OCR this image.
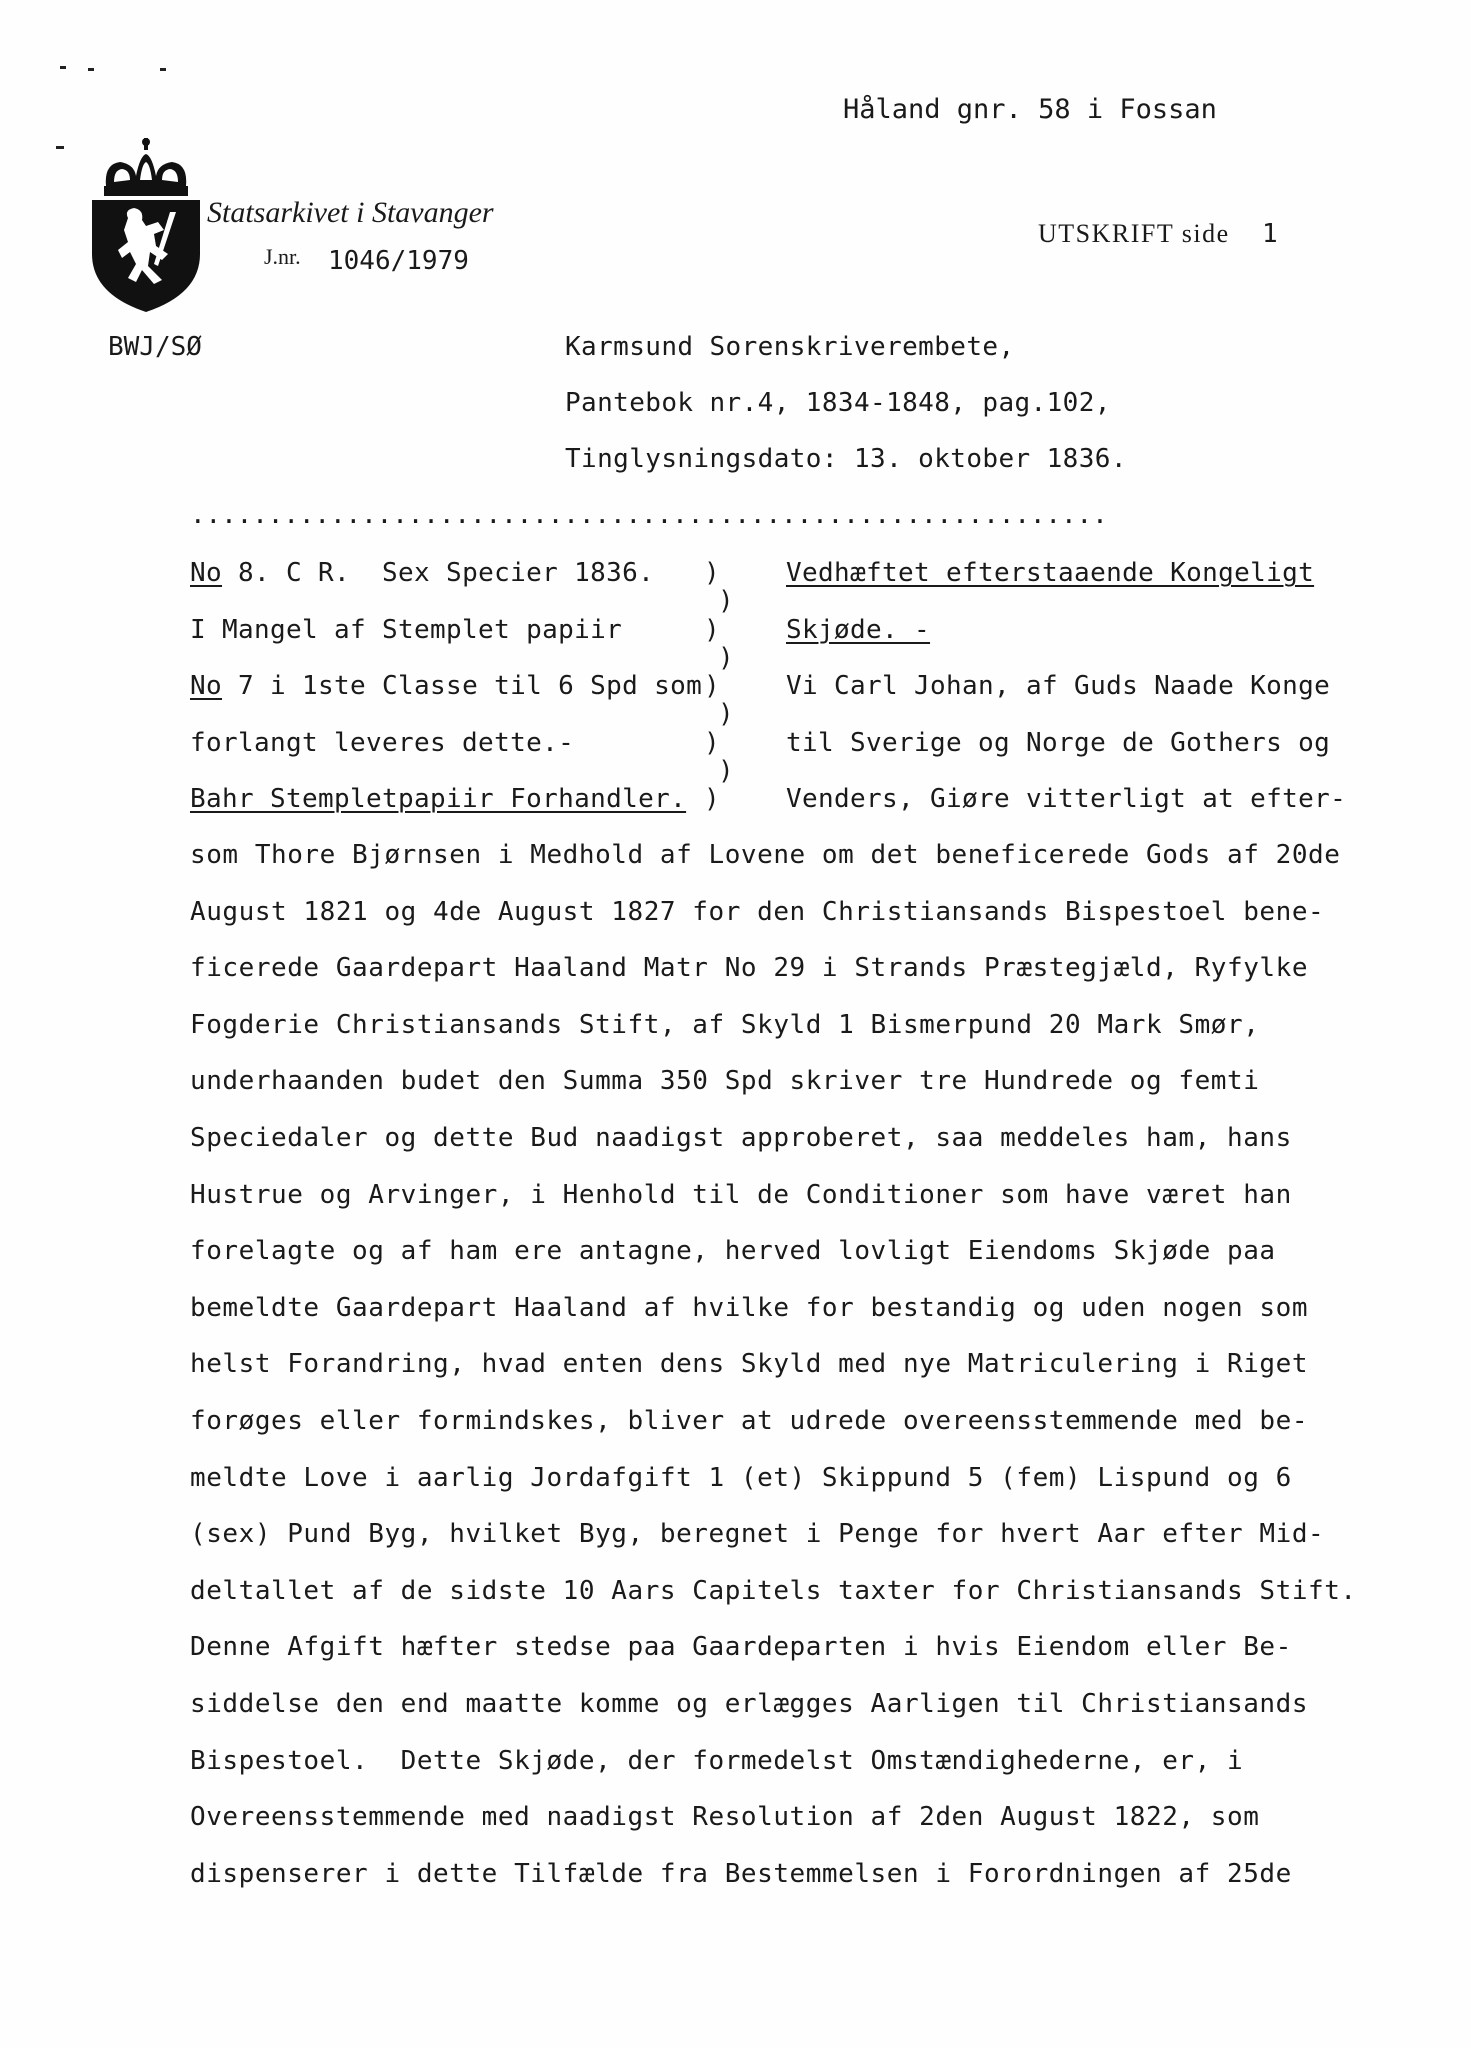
Håland gnr. 58 i Fossan
Statsarkivet i Stavanger
J.nr. 1046/1979
UTSKRIFT side 1
BWJ/SØ	Karmsund Sorenskriverembete,
Pantebok nr.4, 1834-1848, pag.102,
Tinglysningsdato: 13. oktober 1836.
...........................................................
No 8. C R.  Sex Specier 1836.
I Mangel af Stemplet papiir
No 7 i 1ste Classe til 6 Spd som
forlangt leveres dette.-
Bahr Stempletpapiir Forhandler.
)
)
)
)
)
)
)
)
)
Vedhæftet efterstaaende Kongeligt
Skjøde. -
Vi Carl Johan, af Guds Naade Konge
til Sverige og Norge de Gothers og
Venders, Giøre vitterligt at efter-
som Thore Bjørnsen i Medhold af Lovene om det beneficerede Gods af 20de
August 1821 og 4de August 1827 for den Christiansands Bispestoel bene-
ficerede Gaardepart Haaland Matr No 29 i Strands Præstegjæld, Ryfylke
Fogderie Christiansands Stift, af Skyld 1 Bismerpund 20 Mark Smør,
underhaanden budet den Summa 350 Spd skriver tre Hundrede og femti
Speciedaler og dette Bud naadigst approberet, saa meddeles ham, hans
Hustrue og Arvinger, i Henhold til de Conditioner som have været han
forelagte og af ham ere antagne, herved lovligt Eiendoms Skjøde paa
bemeldte Gaardepart Haaland af hvilke for bestandig og uden nogen som
helst Forandring, hvad enten dens Skyld med nye Matriculering i Riget
forøges eller formindskes, bliver at udrede overeensstemmende med be-
meldte Love i aarlig Jordafgift 1 (et) Skippund 5 (fem) Lispund og 6
(sex) Pund Byg, hvilket Byg, beregnet i Penge for hvert Aar efter Mid-
deltallet af de sidste 10 Aars Capitels taxter for Christiansands Stift.
Denne Afgift hæfter stedse paa Gaardeparten i hvis Eiendom eller Be-
siddelse den end maatte komme og erlægges Aarligen til Christiansands
Bispestoel.  Dette Skjøde, der formedelst Omstændighederne, er, i
Overeensstemmende med naadigst Resolution af 2den August 1822, som
dispenserer i dette Tilfælde fra Bestemmelsen i Forordningen af 25de
